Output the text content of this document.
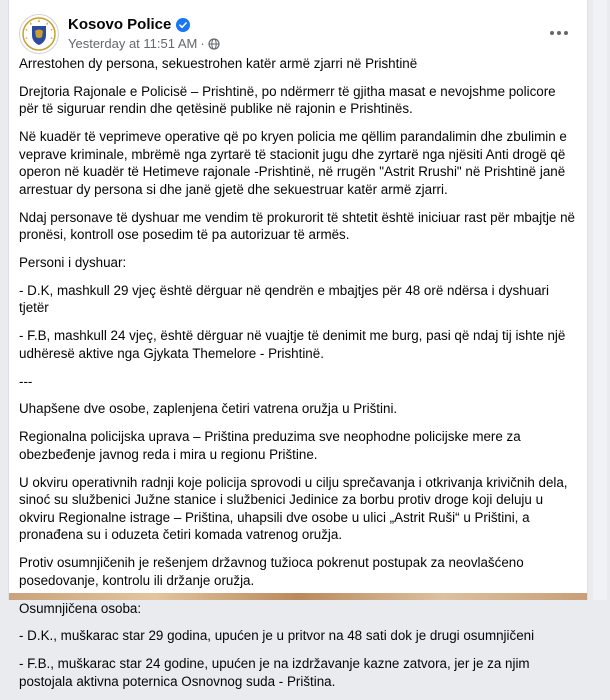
Kosovo Police
Yesterday at 11:51 AM ·

Arrestohen dy persona, sekuestrohen katër armë zjarri në Prishtinë

Drejtoria Rajonale e Policisë – Prishtinë, po ndërmerr të gjitha masat e nevojshme policore për të siguruar rendin dhe qetësinë publike në rajonin e Prishtinës.

Në kuadër të veprimeve operative që po kryen policia me qëllim parandalimin dhe zbulimin e veprave kriminale, mbrëmë nga zyrtarë të stacionit jugu dhe zyrtarë nga njësiti Anti drogë që operon në kuadër të Hetimeve rajonale -Prishtinë, në rrugën "Astrit Rrushi" në Prishtinë janë arrestuar dy persona si dhe janë gjetë dhe sekuestruar katër armë zjarri.

Ndaj personave të dyshuar me vendim të prokurorit të shtetit është iniciuar rast për mbajtje në pronësi, kontroll ose posedim të pa autorizuar të armës.

Personi i dyshuar:

- D.K, mashkull 29 vjeç është dërguar në qendrën e mbajtjes për 48 orë ndërsa i dyshuari tjetër

- F.B, mashkull 24 vjeç, është dërguar në vuajtje të denimit me burg, pasi që ndaj tij ishte një udhëresë aktive nga Gjykata Themelore - Prishtinë.

---

Uhapšene dve osobe, zaplenjena četiri vatrena oružja u Prištini.

Regionalna policijska uprava – Priština preduzima sve neophodne policijske mere za obezbeđenje javnog reda i mira u regionu Prištine.

U okviru operativnih radnji koje policija sprovodi u cilju sprečavanja i otkrivanja krivičnih dela, sinoć su službenici Južne stanice i službenici Jedinice za borbu protiv droge koji deluju u okviru Regionalne istrage – Priština, uhapsili dve osobe u ulici „Astrit Ruši“ u Prištini, a pronađena su i oduzeta četiri komada vatrenog oružja.

Protiv osumnjičenih je rešenjem državnog tužioca pokrenut postupak za neovlašćeno posedovanje, kontrolu ili držanje oružja.

Osumnjičena osoba:

- D.K., muškarac star 29 godina, upućen je u pritvor na 48 sati dok je drugi osumnjičeni

- F.B., muškarac star 24 godine, upućen je na izdržavanje kazne zatvora, jer je za njim postojala aktivna poternica Osnovnog suda - Priština.
